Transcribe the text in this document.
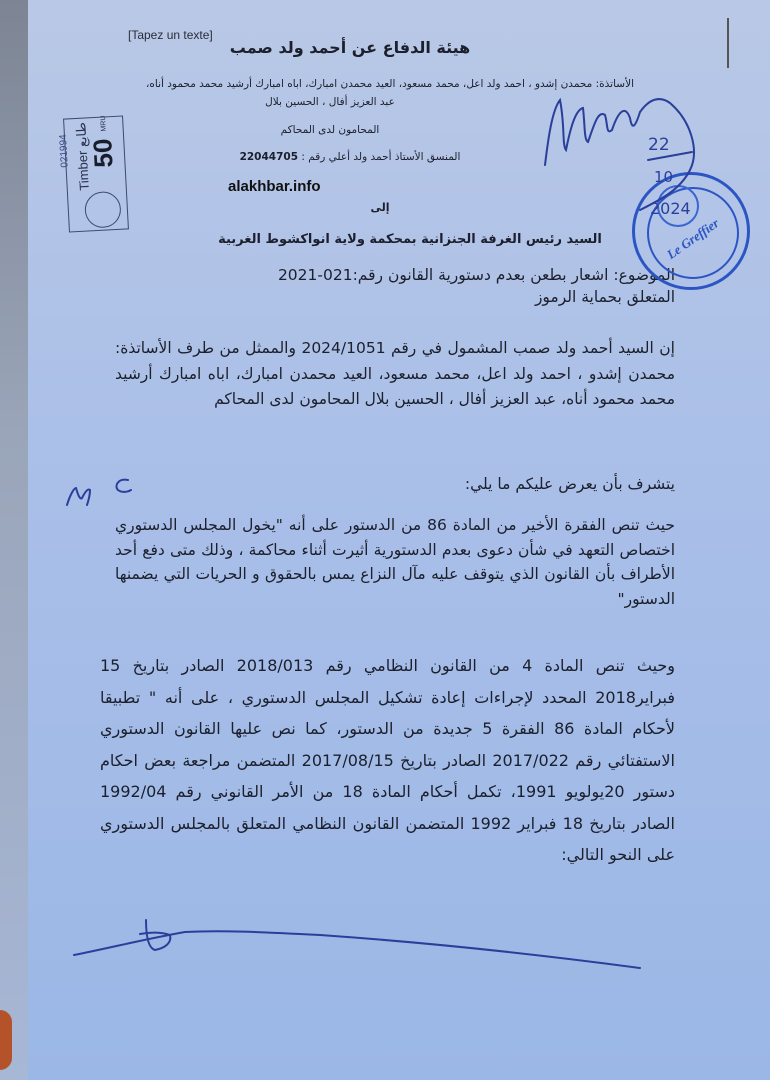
[Tapez un texte]
هيئة الدفاع عن أحمد ولد صمب
الأساتذة: محمدن إشدو ، احمد ولد اعل، محمد مسعود، العيد محمدن امبارك، اباه امبارك أرشيد محمد محمود أناه،
عبد العزيز أفال ، الحسين بلال
المحامون لدى المحاكم
المنسق الأستاذ أحمد ولد أعلي رقم : 22044705
alakhbar.info
إلى
السيد رئيس الغرفة الجنزانية بمحكمة ولاية انواكشوط الغربية
الموضوع: اشعار بطعن بعدم دستورية القانون رقم:021-2021
المتعلق بحماية الرموز
إن السيد أحمد ولد صمب المشمول في رقم 2024/1051 والممثل من طرف الأساتذة: محمدن إشدو ، احمد ولد اعل، محمد مسعود، العيد محمدن امبارك، اباه امبارك أرشيد محمد محمود أناه، عبد العزيز أفال ، الحسين بلال المحامون لدى المحاكم
يتشرف بأن يعرض عليكم ما يلي:
حيث تنص الفقرة الأخير من المادة 86 من الدستور على أنه "يخول المجلس الدستوري اختصاص التعهد في شأن دعوى بعدم الدستورية أثيرت أثناء محاكمة ، وذلك متى دفع أحد الأطراف بأن القانون الذي يتوقف عليه مآل النزاع يمس بالحقوق و الحريات التي يضمنها الدستور"
وحيث تنص المادة 4 من القانون النظامي رقم 2018/013 الصادر بتاريخ 15 فبراير2018 المحدد لإجراءات إعادة تشكيل المجلس الدستوري ، على أنه " تطبيقا لأحكام المادة 86 الفقرة 5 جديدة من الدستور، كما نص عليها القانون الدستوري الاستفتائي رقم 2017/022 الصادر بتاريخ 2017/08/15 المتضمن مراجعة بعض احكام دستور 20يولويو 1991، تكمل أحكام المادة 18 من الأمر القانوني رقم 1992/04 الصادر بتاريخ 18 فبراير 1992 المتضمن القانون النظامي المتعلق بالمجلس الدستوري على النحو التالي:
021994 Timber طابع
50
MRU
Le Greffier
22
10
2024
